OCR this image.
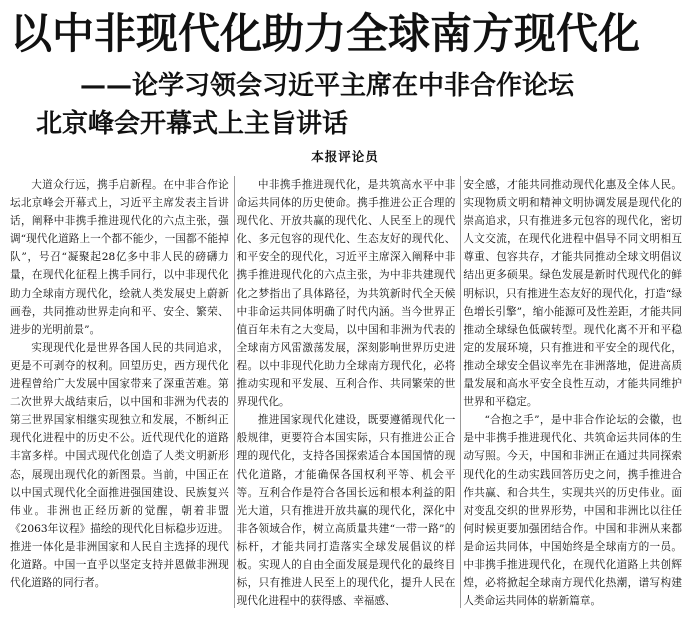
以中非现代化助力全球南方现代化
——论学习领会习近平主席在中非合作论坛
北京峰会开幕式上主旨讲话
本报评论员

大道众行远，携手启新程。在中非合作论坛北京峰会开幕式上，习近平主席发表主旨讲话，阐释中非携手推进现代化的六点主张，强调“现代化道路上一个都不能少，一国都不能掉队”，号召“凝聚起28亿多中非人民的磅礴力量，在现代化征程上携手同行，以中非现代化助力全球南方现代化，绘就人类发展史上蔚新画卷，共同推动世界走向和平、安全、繁荣、进步的光明前景”。

实现现代化是世界各国人民的共同追求，更是不可剥夺的权利。回望历史，西方现代化进程曾给广大发展中国家带来了深重苦难。第二次世界大战结束后，以中国和非洲为代表的第三世界国家相继实现独立和发展，不断纠正现代化进程中的历史不公。近代现代化的道路丰富多样。中国式现代化创造了人类文明新形态，展现出现代化的新图景。当前，中国正在以中国式现代化全面推进强国建设、民族复兴伟业。非洲也正经历新的觉醒，朝着非盟《2063年议程》描绘的现代化目标稳步迈进。推进一体化是非洲国家和人民自主选择的现代化道路。中国一直乎以坚定支持并恩做非洲现代化道路的同行者。

中非携手推进现代化，是共筑高水平中非命运共同体的历史使命。携手推进公正合理的现代化、开放共赢的现代化、人民至上的现代化、多元包容的现代化、生态友好的现代化、和平安全的现代化，习近平主席深入阐释中非携手推进现代化的六点主张，为中非共建现代化之梦指出了具体路径，为共筑新时代全天候中非命运共同体明确了时代内涵。当今世界正值百年未有之大变局，以中国和非洲为代表的全球南方风雷激荡发展，深刻影响世界历史进程。以中非现代化助力全球南方现代化，必将推动实现和平发展、互利合作、共同繁荣的世界现代化。

推进国家现代化建设，既要遵循现代化一般规律，更要符合本国实际，只有推进公正合理的现代化，支持各国探索适合本国国情的现代化道路，才能确保各国权利平等、机会平等。互利合作是符合各国长远和根本利益的阳光大道，只有推进开放共赢的现代化，深化中非各领域合作，树立高质量共建“一带一路”的标杆，才能共同打造落实全球发展倡议的样板。实现人的自由全面发展是现代化的最终目标，只有推进人民至上的现代化，提升人民在现代化进程中的获得感、幸福感、

安全感，才能共同推动现代化惠及全体人民。实现物质文明和精神文明协调发展是现代化的崇高追求，只有推进多元包容的现代化，密切人文交流，在现代化进程中倡导不同文明相互尊重、包容共存，才能共同推动全球文明倡议结出更多硕果。绿色发展是新时代现代化的鲜明标识，只有推进生态友好的现代化，打造“绿色增长引擎”，缩小能源可及性差距，才能共同推动全球绿色低碳转型。现代化离不开和平稳定的发展环境，只有推进和平安全的现代化，推动全球安全倡议率先在非洲落地，促进高质量发展和高水平安全良性互动，才能共同维护世界和平稳定。

“合抱之手”，是中非合作论坛的会徽，也是中非携手推进现代化、共筑命运共同体的生动写照。今天，中国和非洲正在通过共同探索现代化的生动实践回答历史之问，携手推进合作共赢、和合共生，实现共兴的历史伟业。面对变乱交织的世界形势，中国和非洲比以往任何时候更要加强团结合作。中国和非洲从来都是命运共同体，中国始终是全球南方的一员。中非携手推进现代化，在现代化道路上共创辉煌，必将掀起全球南方现代化热潮，谱写构建人类命运共同体的崭新篇章。
